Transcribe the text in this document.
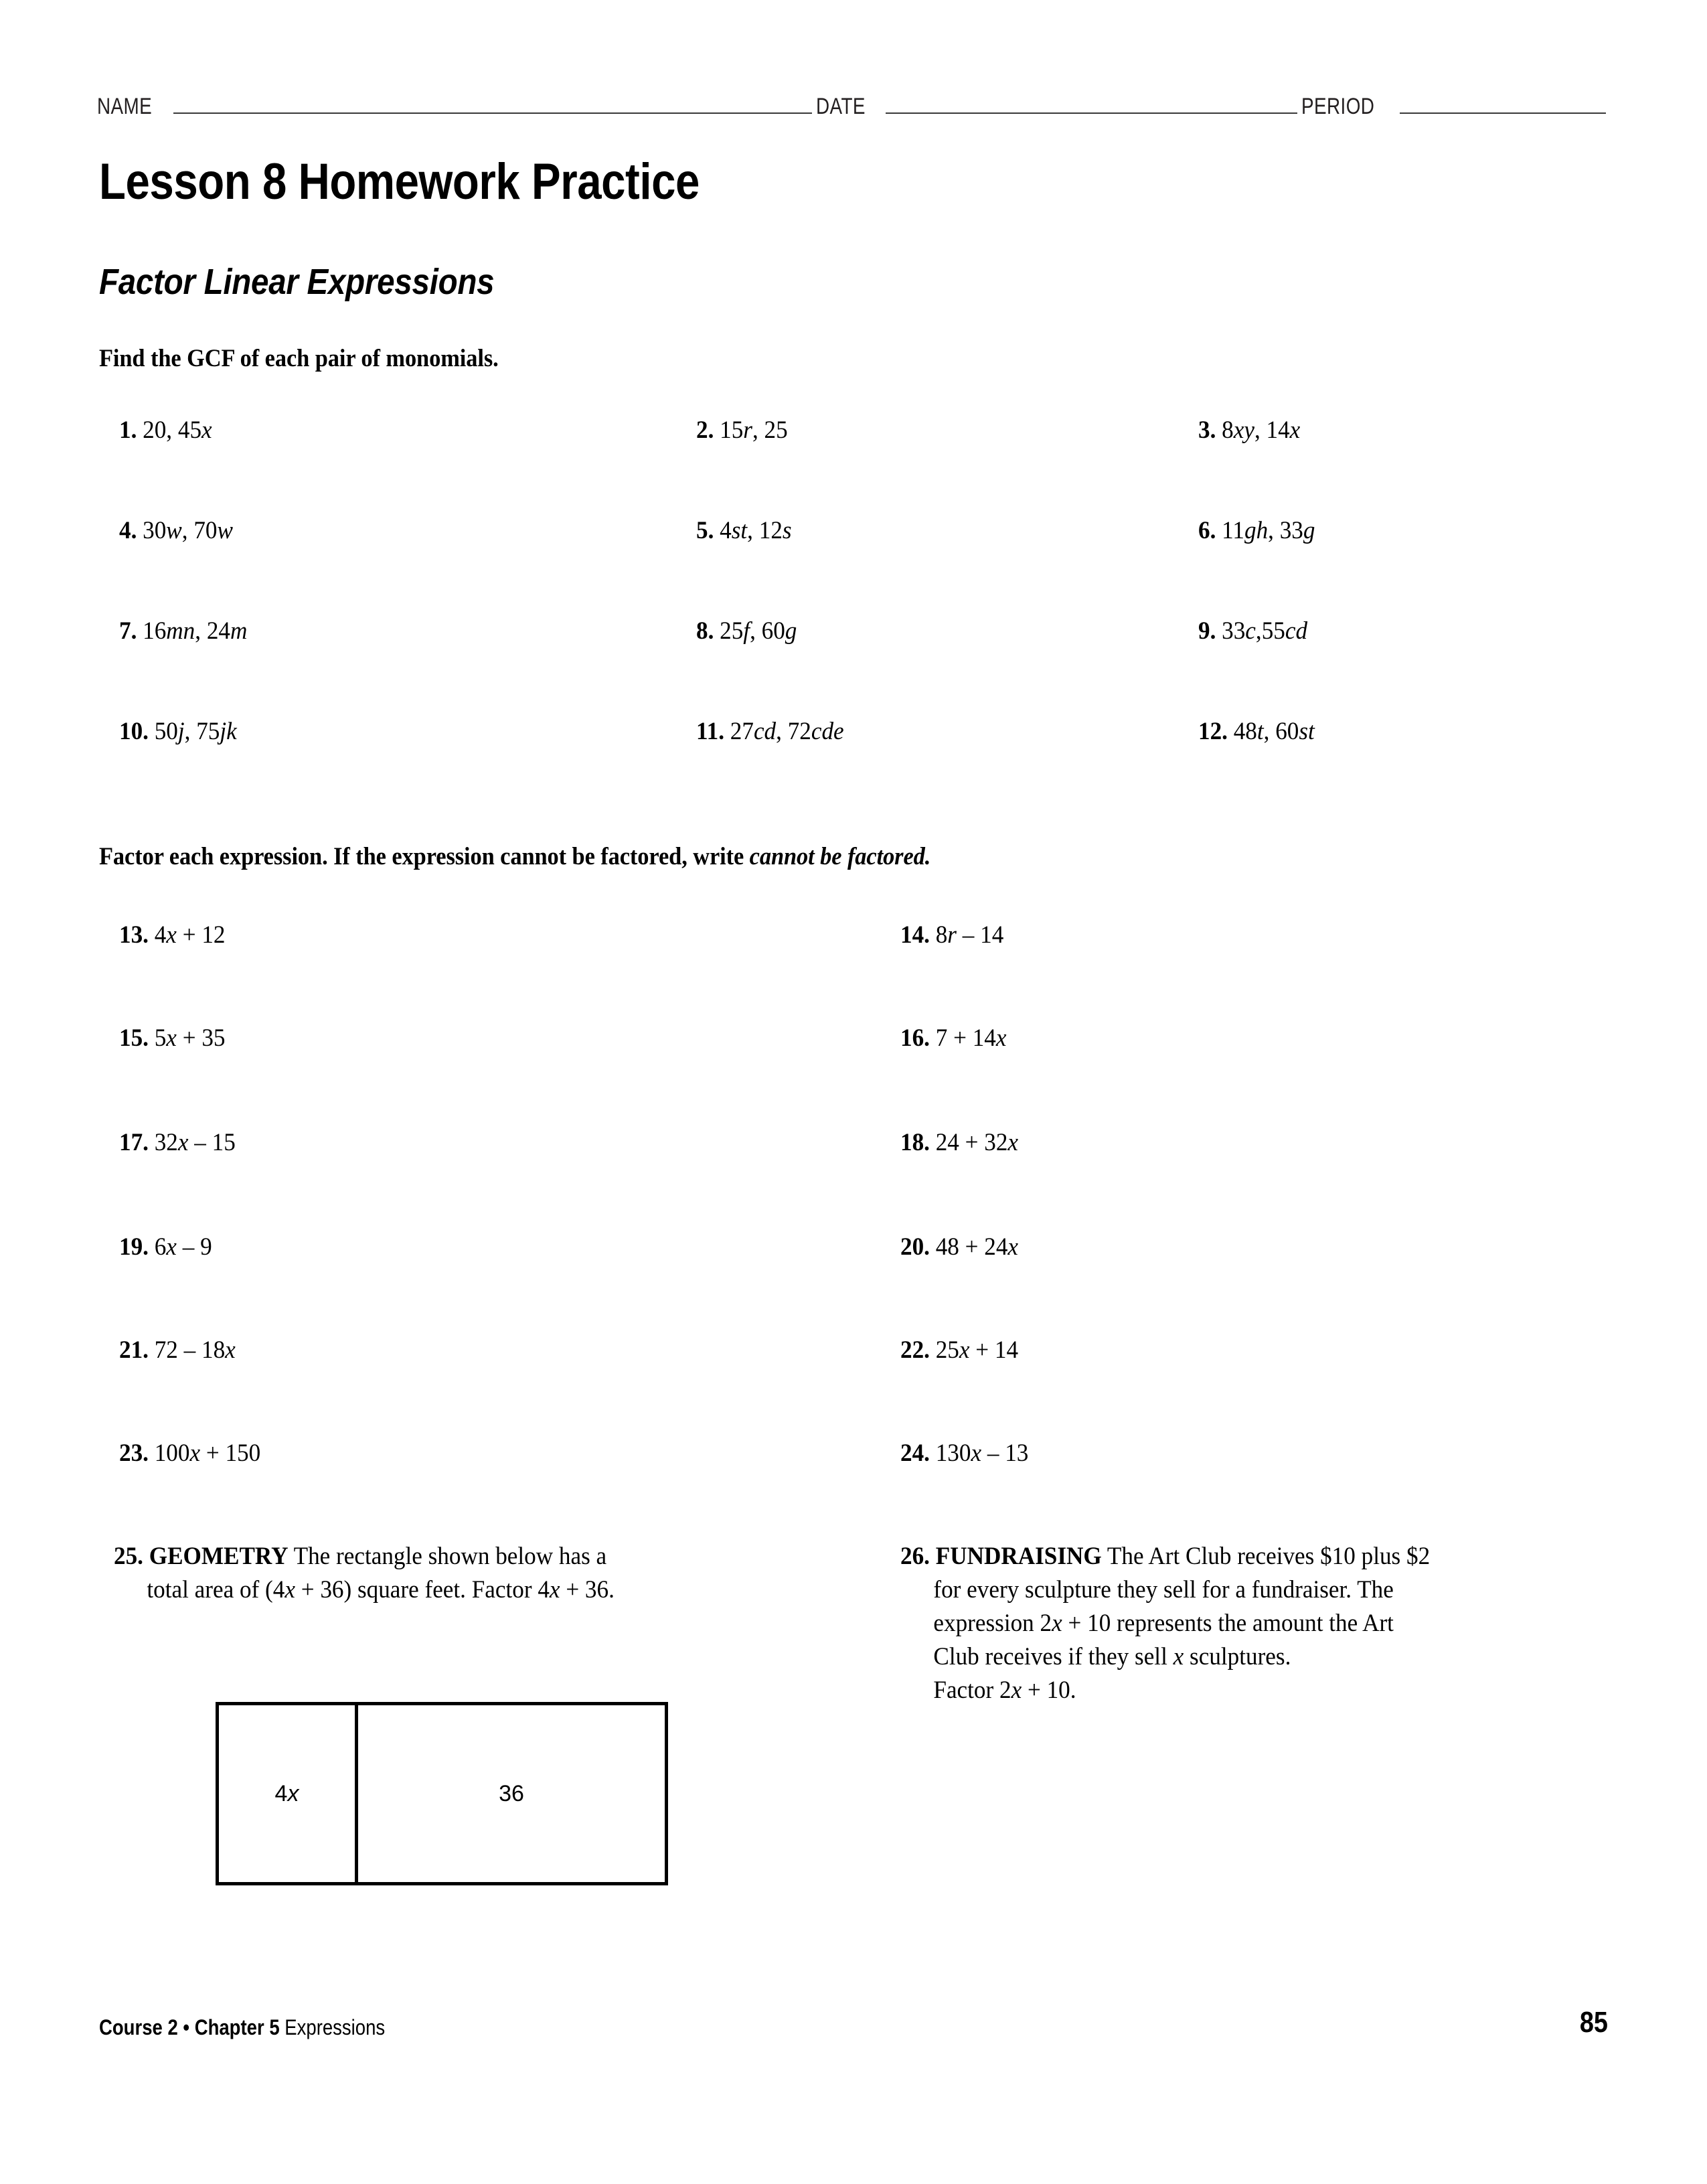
NAME	DATE	PERIOD
Lesson 8 Homework Practice
Factor Linear Expressions
Find the GCF of each pair of monomials.
Factor each expression. If the expression cannot be factored, write cannot be factored.
1. 20, 45x	2. 15r, 25	3. 8xy, 14x
4. 30w, 70w	5. 4st, 12s	6. 11gh, 33g
7. 16mn, 24m	8. 25f, 60g	9. 33c,55cd
10. 50j, 75jk	11. 27cd, 72cde	12. 48t, 60st
13. 4x + 12	14. 8r – 14
15. 5x + 35	16. 7 + 14x
17. 32x – 15	18. 24 + 32x
19. 6x – 9	20. 48 + 24x
21. 72 – 18x	22. 25x + 14
23. 100x + 150	24. 130x – 13
25. GEOMETRY The rectangle shown below has a
total area of (4x + 36) square feet. Factor 4x + 36.
26. FUNDRAISING The Art Club receives $10 plus $2
for every sculpture they sell for a fundraiser. The
expression 2x + 10 represents the amount the Art
Club receives if they sell x sculptures.
Factor 2x + 10.
4 x	36
Course 2 • Chapter 5 Expressions	85
